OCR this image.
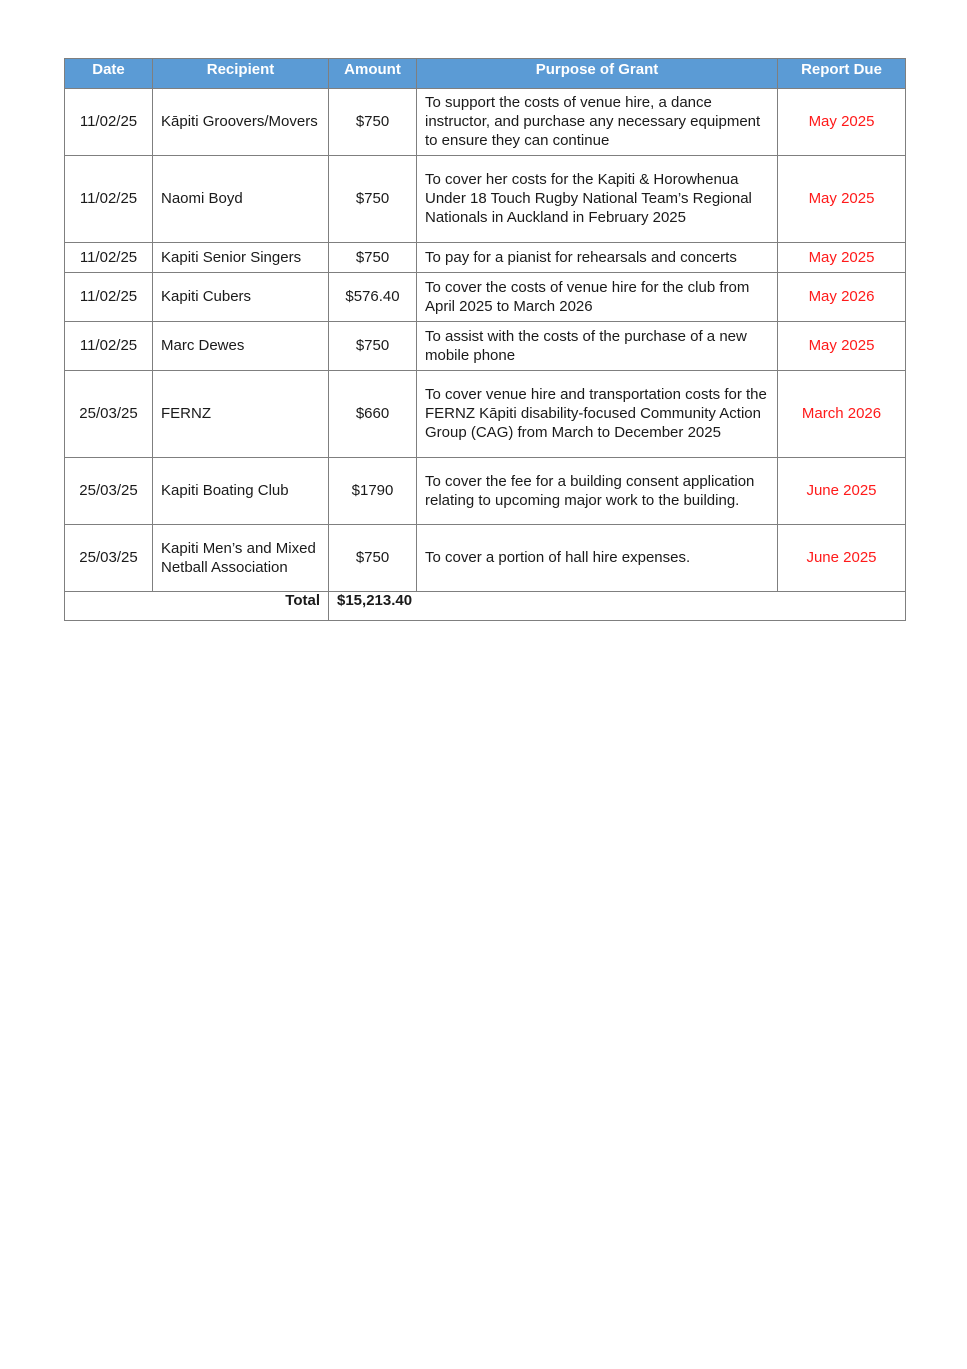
Date	Recipient	Amount	Purpose of Grant	Report Due
11/02/25	Kāpiti Groovers/Movers	$750	To support the costs of venue hire, a dance instructor, and purchase any necessary equipment to ensure they can continue	May 2025
11/02/25	Naomi Boyd	$750	To cover her costs for the Kapiti & Horowhenua Under 18 Touch Rugby National Team’s Regional Nationals in Auckland in February 2025	May 2025
11/02/25	Kapiti Senior Singers	$750	To pay for a pianist for rehearsals and concerts	May 2025
11/02/25	Kapiti Cubers	$576.40	To cover the costs of venue hire for the club from April 2025 to March 2026	May 2026
11/02/25	Marc Dewes	$750	To assist with the costs of the purchase of a new mobile phone	May 2025
25/03/25	FERNZ	$660	To cover venue hire and transportation costs for the FERNZ Kāpiti disability-focused Community Action Group (CAG) from March to December 2025	March 2026
25/03/25	Kapiti Boating Club	$1790	To cover the fee for a building consent application relating to upcoming major work to the building.	June 2025
25/03/25	Kapiti Men’s and Mixed Netball Association	$750	To cover a portion of hall hire expenses.	June 2025
Total		$15,213.40		
